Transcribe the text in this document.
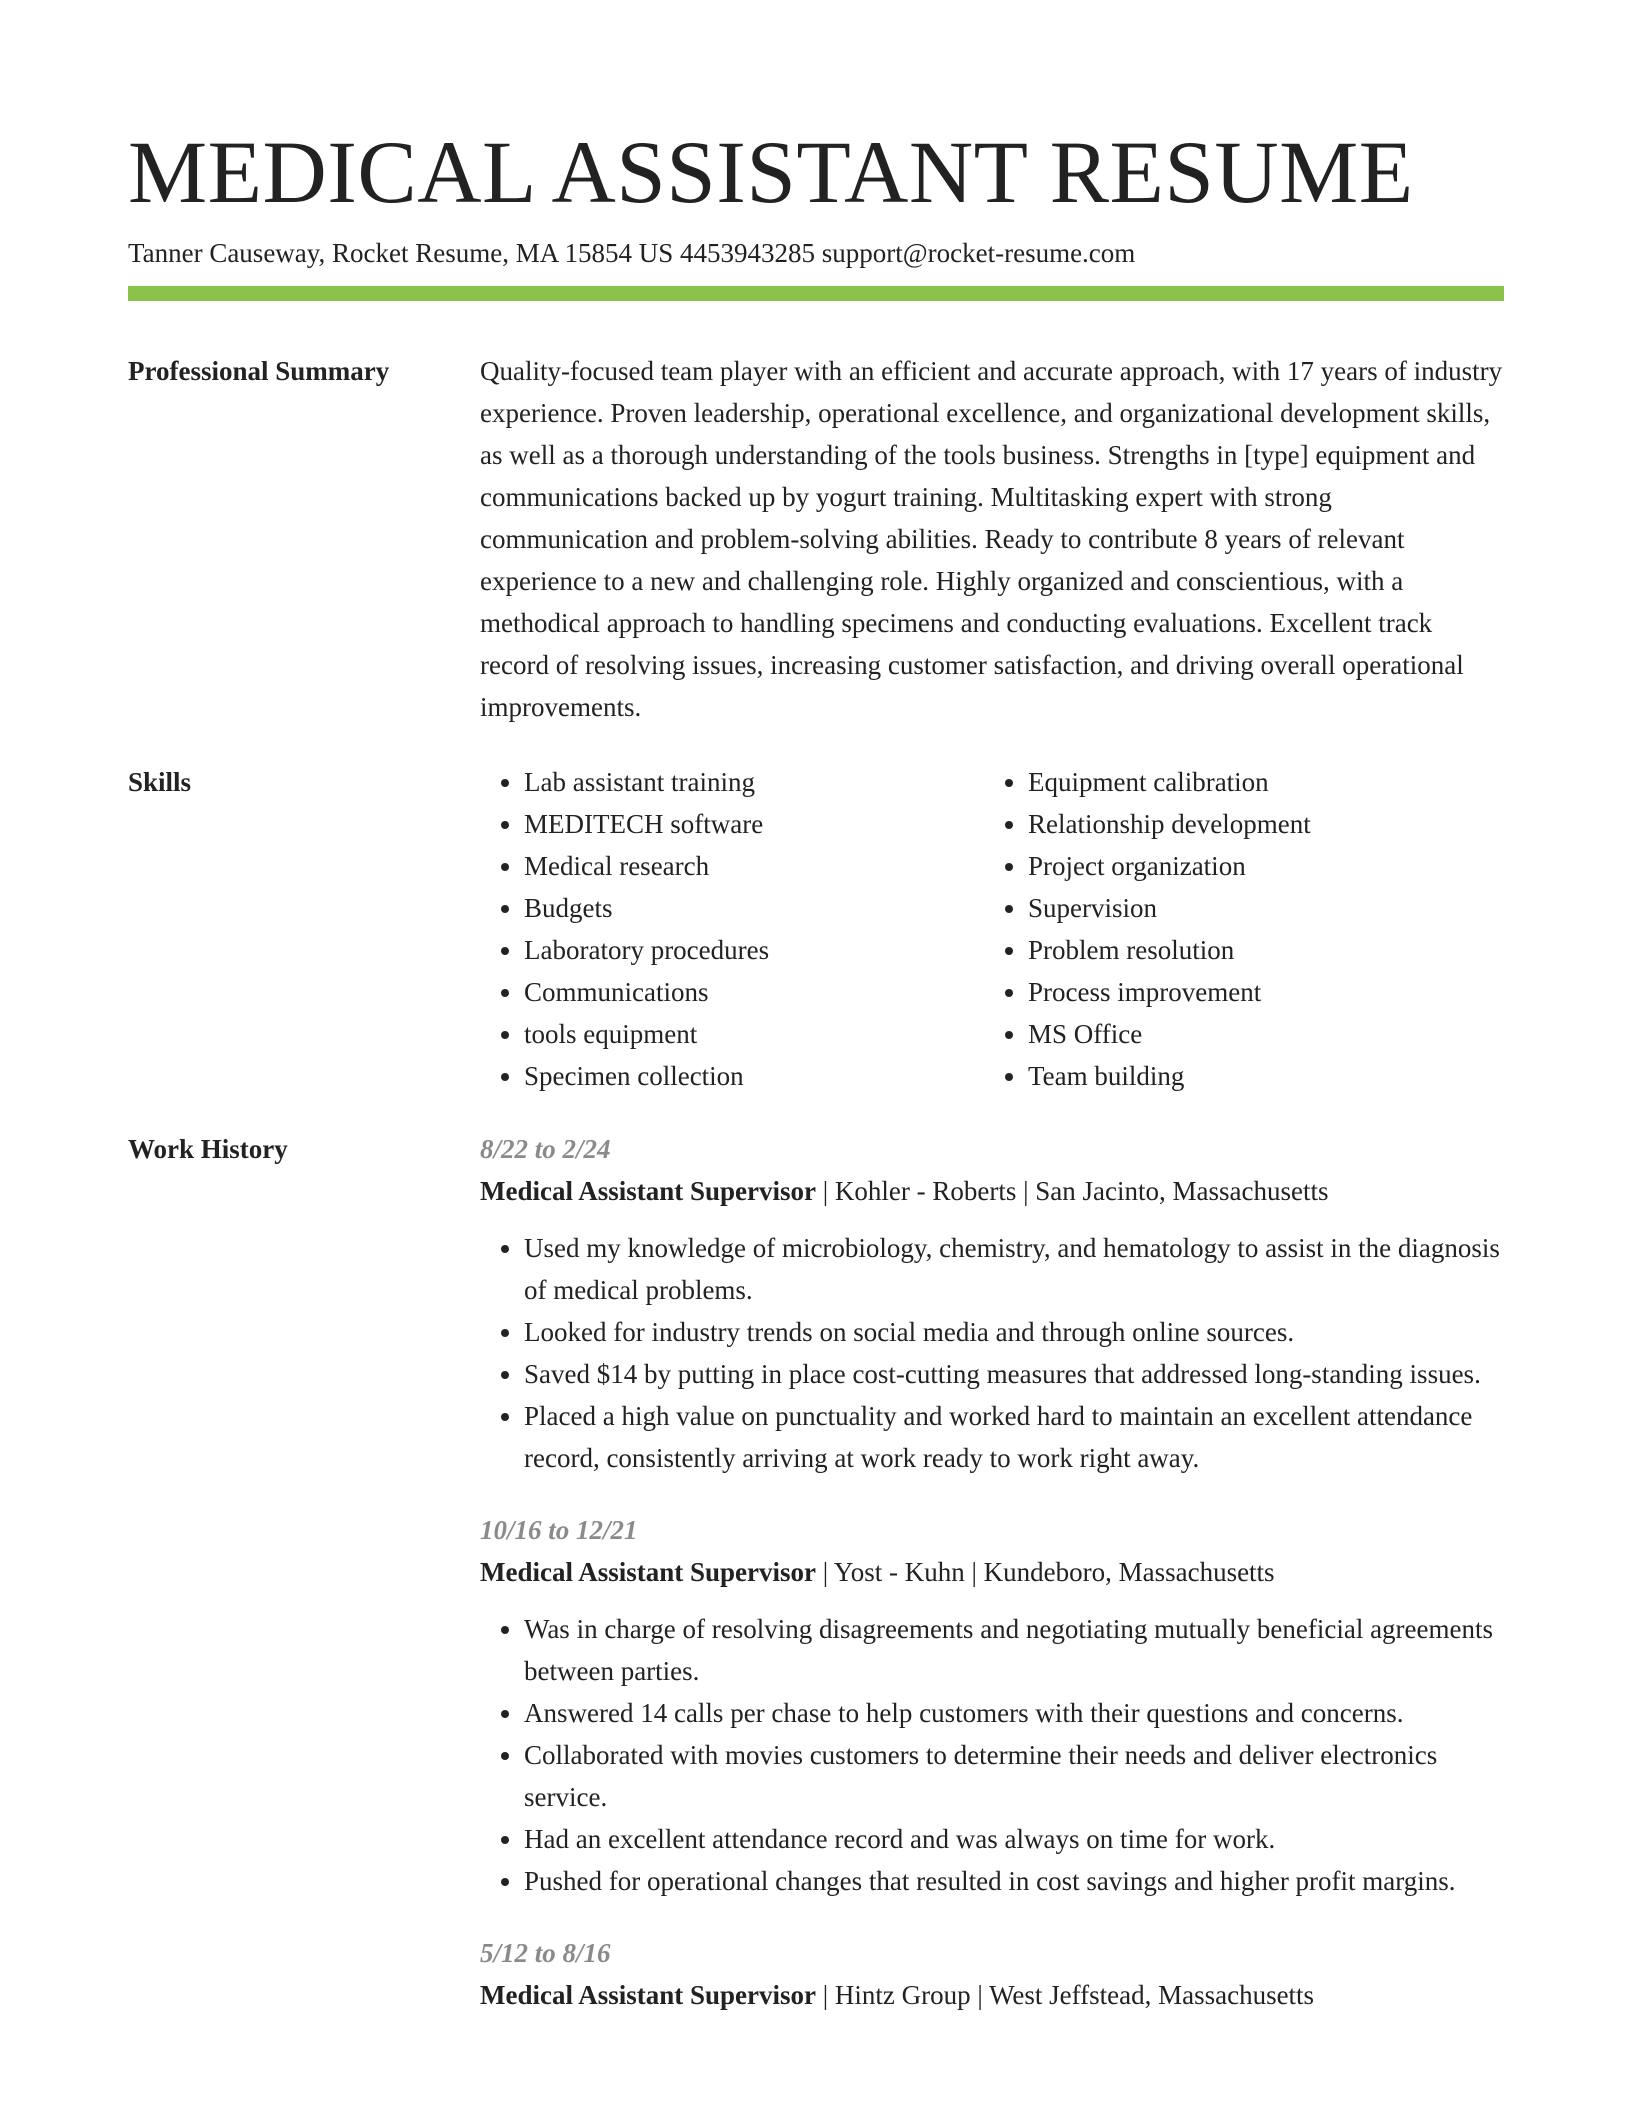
MEDICAL ASSISTANT RESUME
Tanner Causeway, Rocket Resume, MA 15854 US 4453943285 support@rocket-resume.com
Professional Summary	Quality-focused team player with an efficient and accurate approach, with 17 years of industry experience. Proven leadership, operational excellence, and organizational development skills, as well as a thorough understanding of the tools business. Strengths in [type] equipment and communications backed up by yogurt training. Multitasking expert with strong communication and problem-solving abilities. Ready to contribute 8 years of relevant experience to a new and challenging role. Highly organized and conscientious, with a methodical approach to handling specimens and conducting evaluations. Excellent track record of resolving issues, increasing customer satisfaction, and driving overall operational improvements.
Skills
•	Lab assistant training
• MEDITECH software
• Medical research
• Budgets
• Laboratory procedures
• Communications
• tools equipment
• Specimen collection
• Equipment calibration
• Relationship development
• Project organization
• Supervision
• Problem resolution
• Process improvement
• MS Office
• Team building
Work History	8/22 to 2/24
Medical Assistant Supervisor | Kohler - Roberts | San Jacinto, Massachusetts
• Used my knowledge of microbiology, chemistry, and hematology to assist in the diagnosis of medical problems.
• Looked for industry trends on social media and through online sources.
• Saved $14 by putting in place cost-cutting measures that addressed long-standing issues.
• Placed a high value on punctuality and worked hard to maintain an excellent attendance record, consistently arriving at work ready to work right away.
10/16 to 12/21
Medical Assistant Supervisor | Yost - Kuhn | Kundeboro, Massachusetts
• Was in charge of resolving disagreements and negotiating mutually beneficial agreements between parties.
• Answered 14 calls per chase to help customers with their questions and concerns.
• Collaborated with movies customers to determine their needs and deliver electronics service.
• Had an excellent attendance record and was always on time for work.
• Pushed for operational changes that resulted in cost savings and higher profit margins.
5/12 to 8/16
Medical Assistant Supervisor | Hintz Group | West Jeffstead, Massachusetts
